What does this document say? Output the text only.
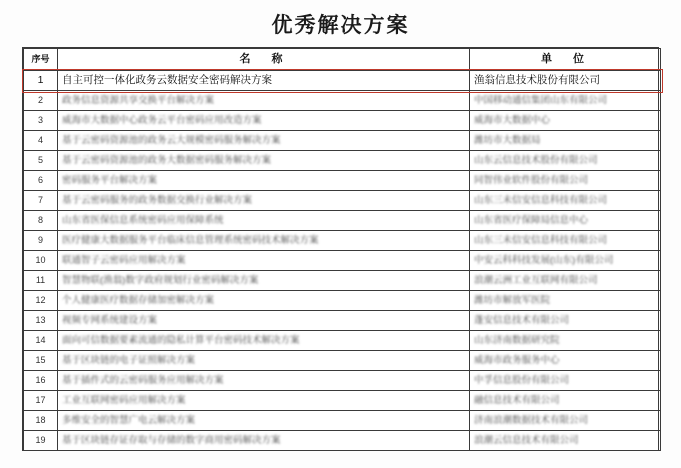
优秀解决方案
序号	名　称	单　位
1	自主可控一体化政务云数据安全密码解决方案	渔翁信息技术股份有限公司
2	政务信息资源共享交换平台解决方案	中国移动通信集团山东有限公司
3	威海市大数据中心政务云平台密码应用改造方案	威海市大数据中心
4	基于云密码资源池的政务云大规模密码服务解决方案	潍坊市大数据局
5	基于云密码资源池的政务大数据密码服务解决方案	山东云信息技术股份有限公司
6	密码服务平台解决方案	同智伟业软件股份有限公司
7	基于云密码服务的政务数据交换行业解决方案	山东三未信安信息科技有限公司
8	山东省医保信息系统密码应用保障系统	山东省医疗保障局信息中心
9	医疗健康大数据服务平台临床信息管理系统密码技术解决方案	山东三未信安信息科技有限公司
10	联通智子云密码应用解决方案	中安云科科技发展(山东)有限公司
11	智慧物联(渔翁)数字政府规划行业密码解决方案	浪潮云洲工业互联网有限公司
12	个人健康医疗数据存储加密解决方案	潍坊市解放军医院
13	视频专网系统建设方案	蓬安信息技术有限公司
14	面向可信数据要素流通的隐私计算平台密码技术解决方案	山东济南数据研究院
15	基于区块链的电子证照解决方案	威海市政务服务中心
16	基于插件式的云密码服务应用解决方案	中孚信息股份有限公司
17	工业互联网密码应用解决方案	融信息技术有限公司
18	多维安全的智慧广电云解决方案	济南浪潮数据技术有限公司
19	基于区块链存证存取与存储的数字商用密码解决方案	浪潮云信息技术有限公司
